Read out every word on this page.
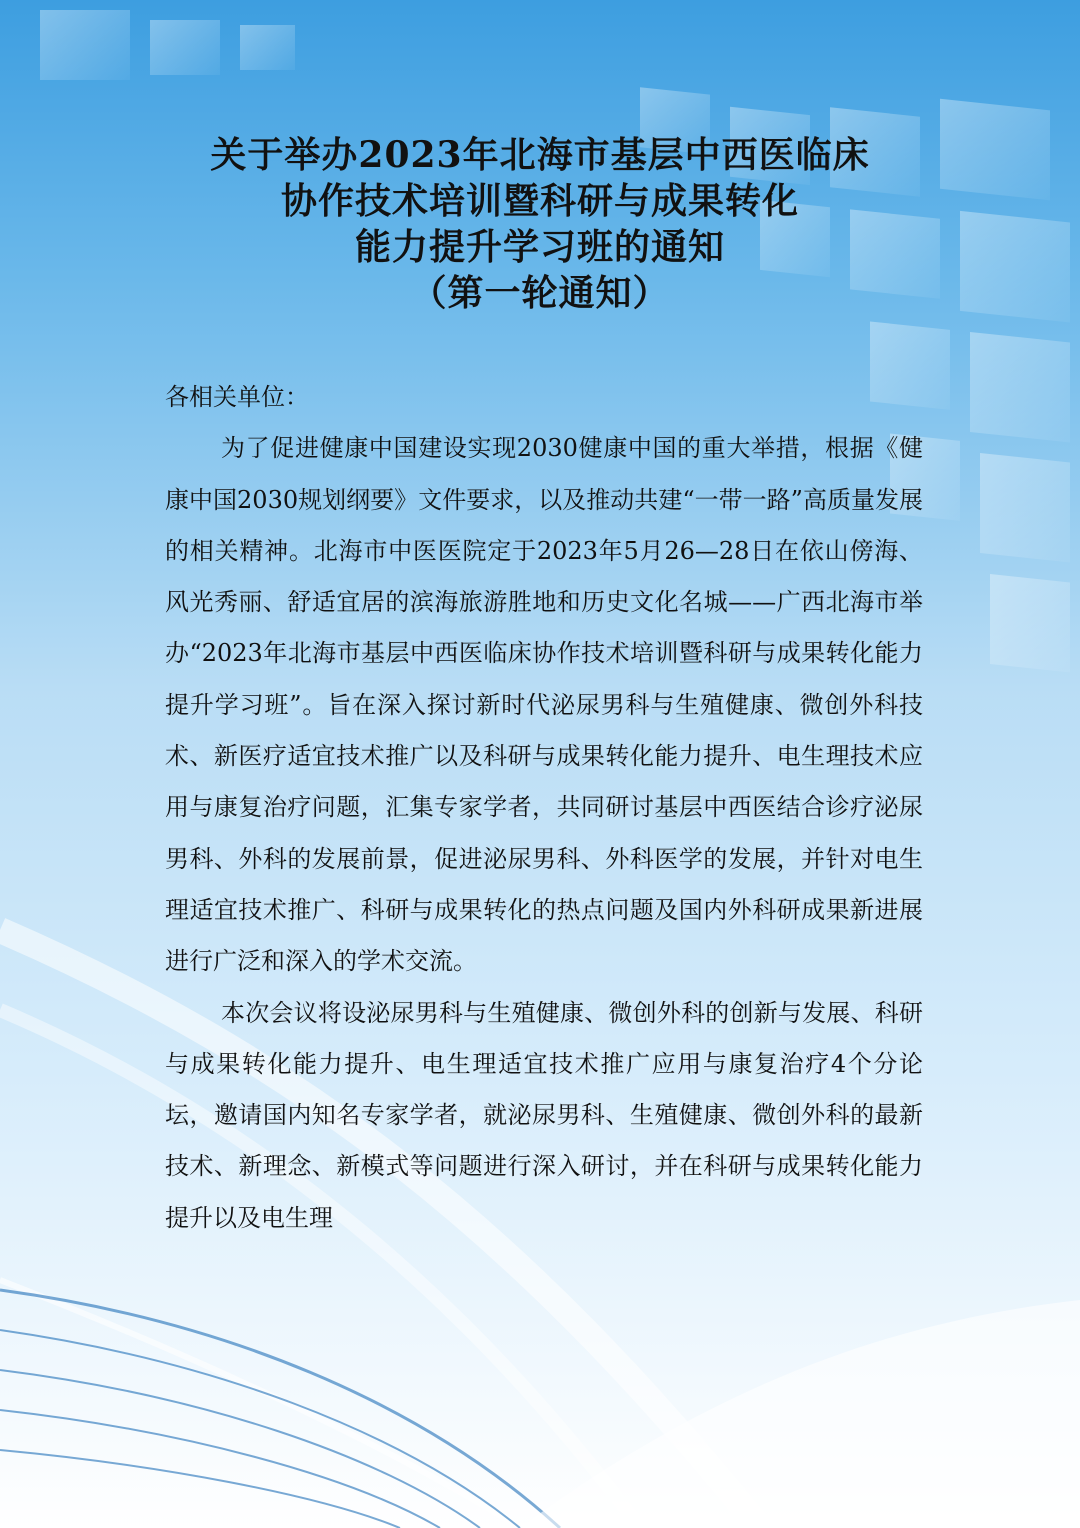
关于举办2023年北海市基层中西医临床
协作技术培训暨科研与成果转化
能力提升学习班的通知
（第一轮通知）

各相关单位：

为了促进健康中国建设实现2030健康中国的重大举措，根据《健康中国2030规划纲要》文件要求，以及推动共建“一带一路”高质量发展的相关精神。北海市中医医院定于2023年5月26—28日在依山傍海、风光秀丽、舒适宜居的滨海旅游胜地和历史文化名城——广西北海市举办“2023年北海市基层中西医临床协作技术培训暨科研与成果转化能力提升学习班”。旨在深入探讨新时代泌尿男科与生殖健康、微创外科技术、新医疗适宜技术推广以及科研与成果转化能力提升、电生理技术应用与康复治疗问题，汇集专家学者，共同研讨基层中西医结合诊疗泌尿男科、外科的发展前景，促进泌尿男科、外科医学的发展，并针对电生理适宜技术推广、科研与成果转化的热点问题及国内外科研成果新进展进行广泛和深入的学术交流。

本次会议将设泌尿男科与生殖健康、微创外科的创新与发展、科研与成果转化能力提升、电生理适宜技术推广应用与康复治疗4个分论坛，邀请国内知名专家学者，就泌尿男科、生殖健康、微创外科的最新技术、新理念、新模式等问题进行深入研讨，并在科研与成果转化能力提升以及电生理
